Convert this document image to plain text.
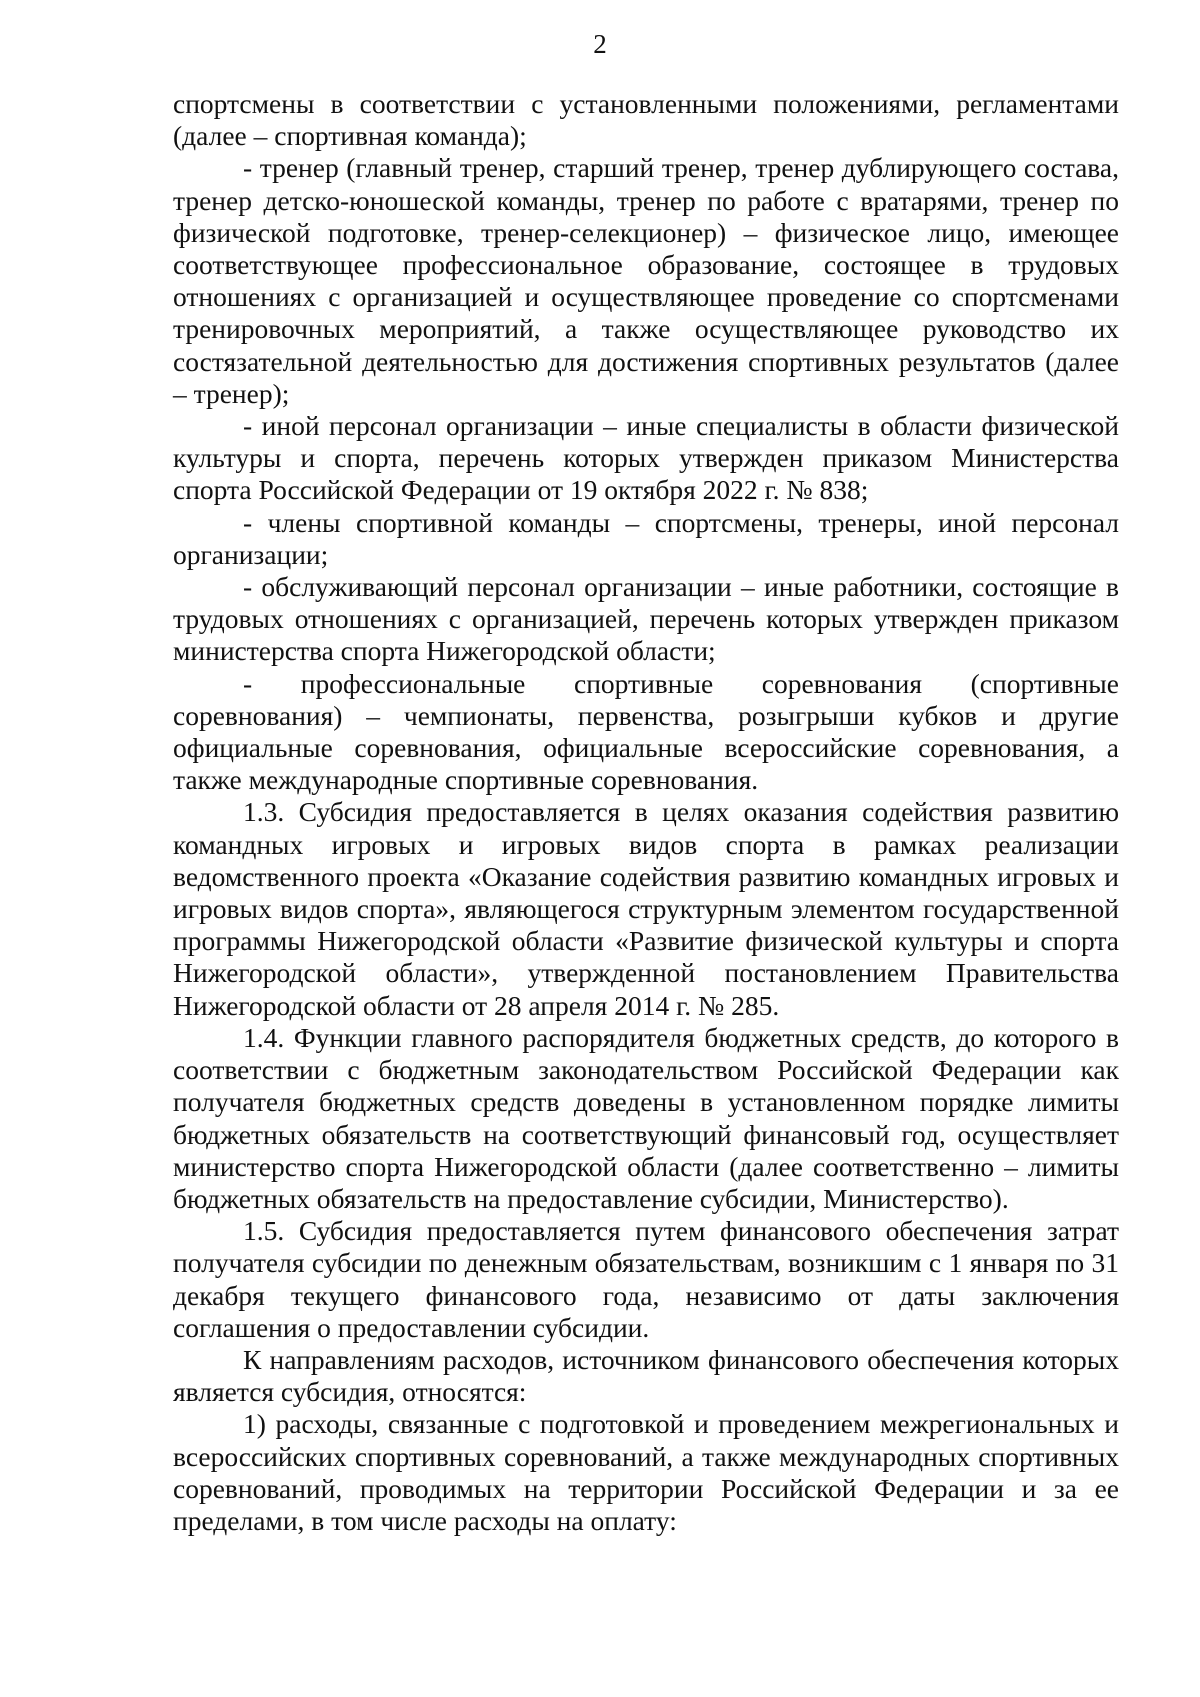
2

спортсмены в соответствии с установленными положениями, регламентами (далее – спортивная команда);

- тренер (главный тренер, старший тренер, тренер дублирующего состава, тренер детско-юношеской команды, тренер по работе с вратарями, тренер по физической подготовке, тренер-селекционер) – физическое лицо, имеющее соответствующее профессиональное образование, состоящее в трудовых отношениях с организацией и осуществляющее проведение со спортсменами тренировочных мероприятий, а также осуществляющее руководство их состязательной деятельностью для достижения спортивных результатов (далее – тренер);

- иной персонал организации – иные специалисты в области физической культуры и спорта, перечень которых утвержден приказом Министерства спорта Российской Федерации от 19 октября 2022 г. № 838;

- члены спортивной команды – спортсмены, тренеры, иной персонал организации;

- обслуживающий персонал организации – иные работники, состоящие в трудовых отношениях с организацией, перечень которых утвержден приказом министерства спорта Нижегородской области;

- профессиональные спортивные соревнования (спортивные соревнования) – чемпионаты, первенства, розыгрыши кубков и другие официальные соревнования, официальные всероссийские соревнования, а также международные спортивные соревнования.

1.3. Субсидия предоставляется в целях оказания содействия развитию командных игровых и игровых видов спорта в рамках реализации ведомственного проекта «Оказание содействия развитию командных игровых и игровых видов спорта», являющегося структурным элементом государственной программы Нижегородской области «Развитие физической культуры и спорта Нижегородской области», утвержденной постановлением Правительства Нижегородской области от 28 апреля 2014 г. № 285.

1.4. Функции главного распорядителя бюджетных средств, до которого в соответствии с бюджетным законодательством Российской Федерации как получателя бюджетных средств доведены в установленном порядке лимиты бюджетных обязательств на соответствующий финансовый год, осуществляет министерство спорта Нижегородской области (далее соответственно – лимиты бюджетных обязательств на предоставление субсидии, Министерство).

1.5. Субсидия предоставляется путем финансового обеспечения затрат получателя субсидии по денежным обязательствам, возникшим с 1 января по 31 декабря текущего финансового года, независимо от даты заключения соглашения о предоставлении субсидии.

К направлениям расходов, источником финансового обеспечения которых является субсидия, относятся:

1) расходы, связанные с подготовкой и проведением межрегиональных и всероссийских спортивных соревнований, а также международных спортивных соревнований, проводимых на территории Российской Федерации и за ее пределами, в том числе расходы на оплату:
